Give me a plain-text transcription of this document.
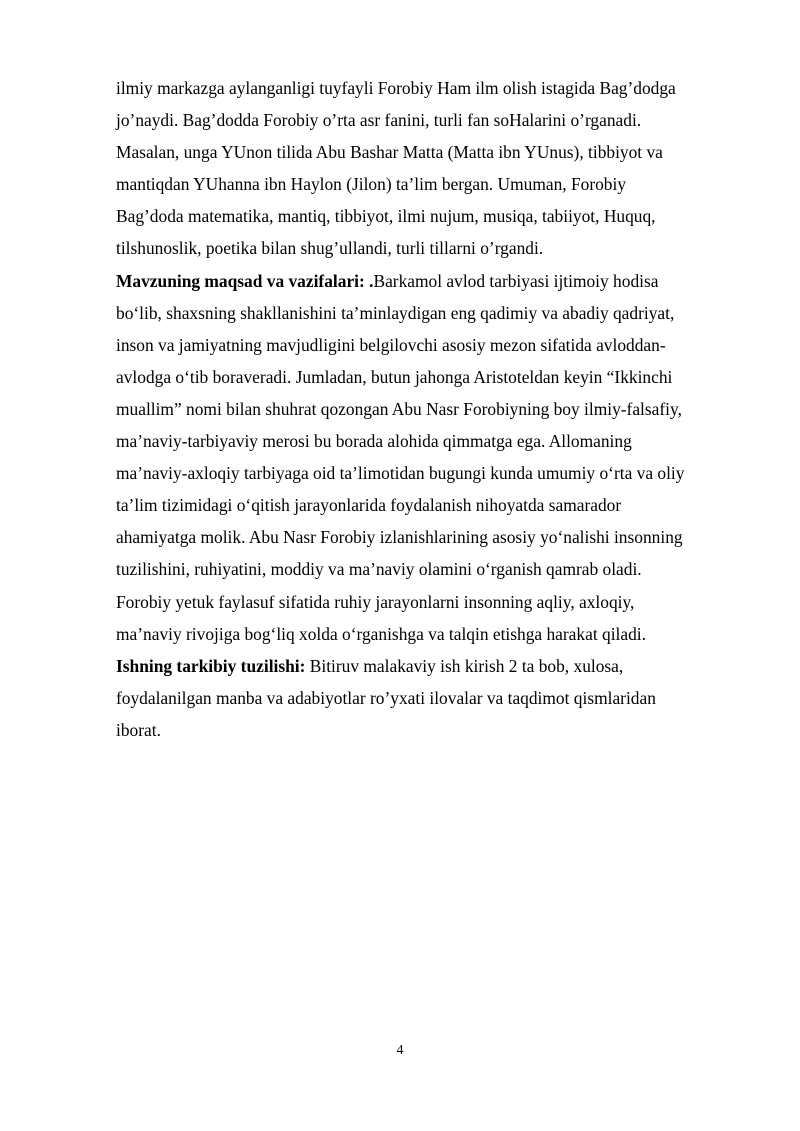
ilmiy markazga aylanganligi tuyfayli Forobiy Ham ilm olish istagida Bag’dodga
jo’naydi. Bag’dodda Forobiy o’rta asr fanini, turli fan soHalarini o’rganadi.
Masalan, unga YUnon tilida Abu Bashar Matta (Matta ibn YUnus), tibbiyot va
mantiqdan YUhanna ibn Haylon (Jilon) ta’lim bergan. Umuman, Forobiy
Bag’doda matematika, mantiq, tibbiyot, ilmi nujum, musiqa, tabiiyot, Huquq,
tilshunoslik, poetika bilan shug’ullandi, turli tillarni o’rgandi.
Mavzuning maqsad va vazifalari: .Barkamol avlod tarbiyasi ijtimoiy hodisa
bo‘lib, shaxsning shakllanishini ta’minlaydigan eng qadimiy va abadiy qadriyat,
inson va jamiyatning mavjudligini belgilovchi asosiy mezon sifatida avloddan-
avlodga o‘tib boraveradi. Jumladan, butun jahonga Aristoteldan keyin “Ikkinchi
muallim” nomi bilan shuhrat qozongan Abu Nasr Forobiyning boy ilmiy-falsafiy,
ma’naviy-tarbiyaviy merosi bu borada alohida qimmatga ega. Allomaning
ma’naviy-axloqiy tarbiyaga oid ta’limotidan bugungi kunda umumiy o‘rta va oliy
ta’lim tizimidagi o‘qitish jarayonlarida foydalanish nihoyatda samarador
ahamiyatga molik. Abu Nasr Forobiy izlanishlarining asosiy yo‘nalishi insonning
tuzilishini, ruhiyatini, moddiy va ma’naviy olamini o‘rganish qamrab oladi.
Forobiy yetuk faylasuf sifatida ruhiy jarayonlarni insonning aqliy, axloqiy,
ma’naviy rivojiga bog‘liq xolda o‘rganishga va talqin etishga harakat qiladi.
Ishning tarkibiy tuzilishi: Bitiruv malakaviy ish kirish 2 ta bob, xulosa,
foydalanilgan manba va adabiyotlar ro’yxati ilovalar va taqdimot qismlaridan
iborat.
4
